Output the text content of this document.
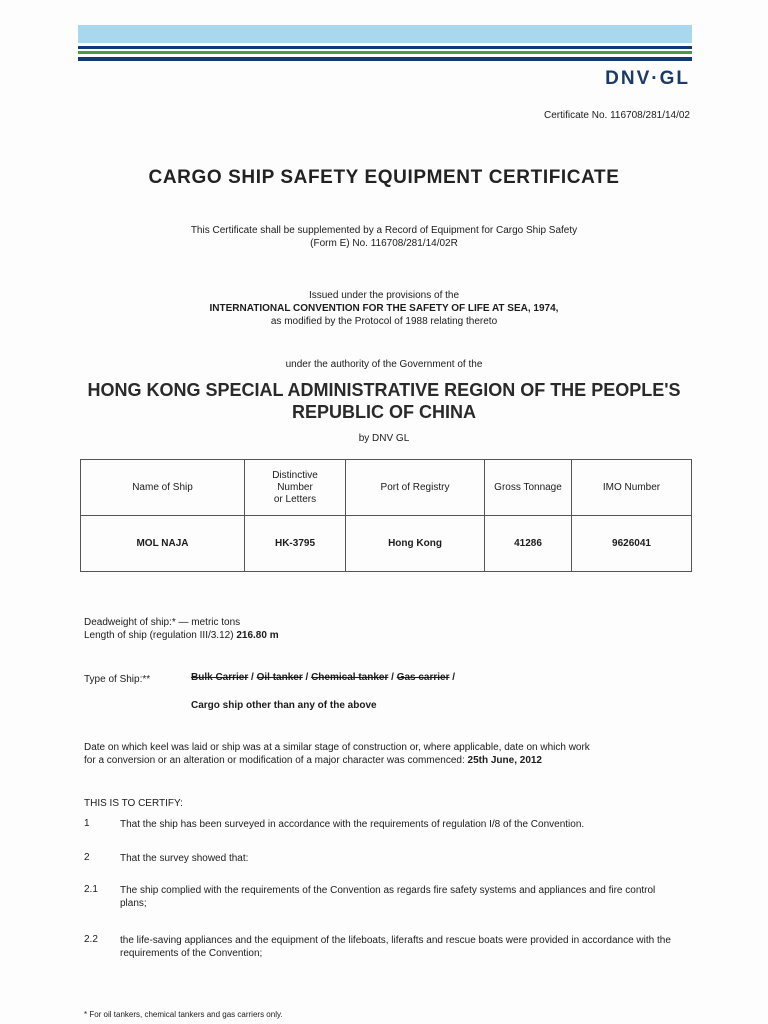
DNV·GL
Certificate No. 116708/281/14/02
CARGO SHIP SAFETY EQUIPMENT CERTIFICATE
This Certificate shall be supplemented by a Record of Equipment for Cargo Ship Safety
(Form E) No. 116708/281/14/02R
Issued under the provisions of the
INTERNATIONAL CONVENTION FOR THE SAFETY OF LIFE AT SEA, 1974,
as modified by the Protocol of 1988 relating thereto
under the authority of the Government of the
HONG KONG SPECIAL ADMINISTRATIVE REGION OF THE PEOPLE'S
REPUBLIC OF CHINA
by DNV GL
Name of Ship	Distinctive
Number
or Letters	Port of Registry	Gross Tonnage	IMO Number
MOL NAJA	HK-3795	Hong Kong	41286	9626041
Deadweight of ship:* — metric tons
Length of ship (regulation III/3.12) 216.80 m
Type of Ship:**	Bulk Carrier / Oil tanker / Chemical tanker / Gas carrier /
Cargo ship other than any of the above
Date on which keel was laid or ship was at a similar stage of construction or, where applicable, date on which work
for a conversion or an alteration or modification of a major character was commenced: 25th June, 2012
THIS IS TO CERTIFY:
1	That the ship has been surveyed in accordance with the requirements of regulation I/8 of the Convention.
2	That the survey showed that:
2.1 The ship complied with the requirements of the Convention as regards fire safety systems and appliances and fire control plans;
2.2 the life-saving appliances and the equipment of the lifeboats, liferafts and rescue boats were provided in accordance with the requirements of the Convention;
* For oil tankers, chemical tankers and gas carriers only.
